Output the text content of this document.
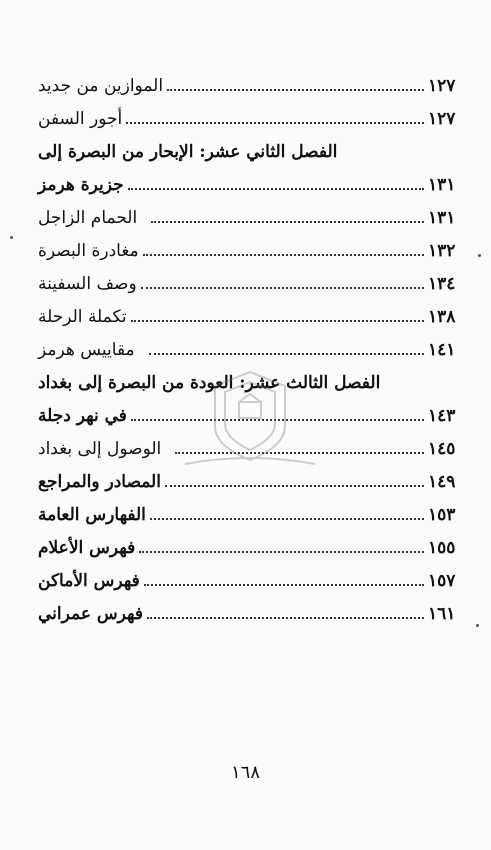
الموازين من جديد	١٢٧
أجور السفن	١٢٧
الفصل الثاني عشر: الإبحار من البصرة إلى
جزيرة هرمز	١٣١
الحمام الزاجل	١٣١
مغادرة البصرة	١٣٢
وصف السفينة	١٣٤
تكملة الرحلة	١٣٨
مقاييس هرمز	١٤١
الفصل الثالث عشر: العودة من البصرة إلى بغداد
في نهر دجلة	١٤٣
الوصول إلى بغداد	١٤٥
المصادر والمراجع	١٤٩
الفهارس العامة	١٥٣
فهرس الأعلام	١٥٥
فهرس الأماكن	١٥٧
فهرس عمراني	١٦١
١٦٨
